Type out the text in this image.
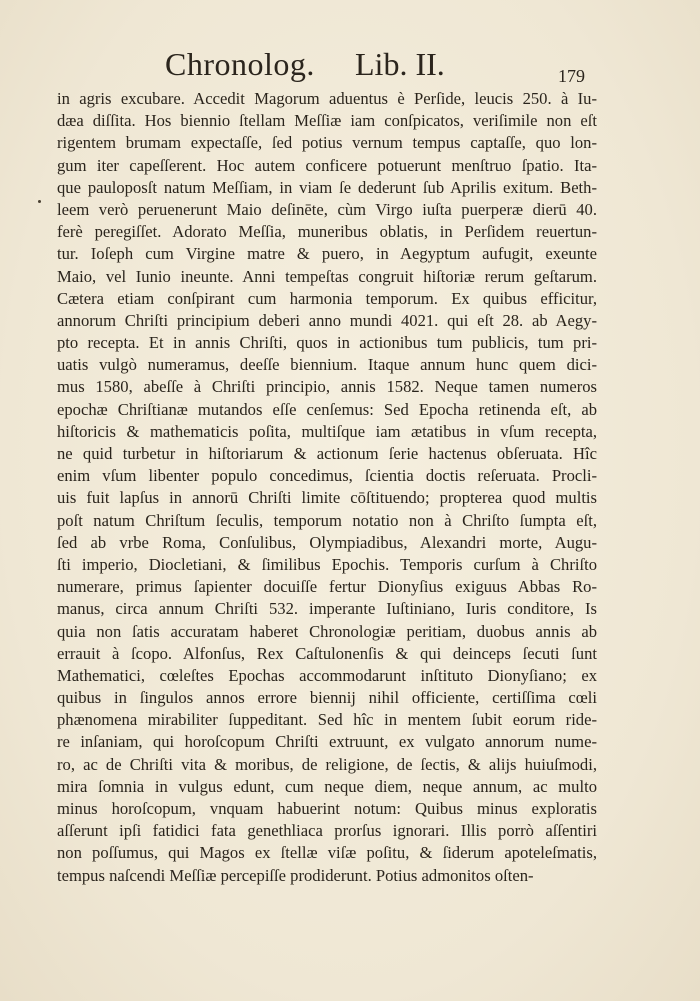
Chronolog. Lib. II.	179
in agris excubare. Accedit Magorum aduentus è Perſide, leucis 250. à Iu-
dæa diſſita. Hos biennio ſtellam Meſſiæ iam conſpicatos, veriſimile non eſt
rigentem brumam expectaſſe, ſed potius vernum tempus captaſſe, quo lon-
gum iter capeſſerent. Hoc autem conficere potuerunt menſtruo ſpatio. Ita-
que pauloposſt natum Meſſiam, in viam ſe dederunt ſub Aprilis exitum. Beth-
leem verò peruenerunt Maio deſinēte, cùm Virgo iuſta puerperæ dierū 40.
ferè peregiſſet. Adorato Meſſia, muneribus oblatis, in Perſidem reuertun-
tur. Ioſeph cum Virgine matre & puero, in Aegyptum aufugit, exeunte
Maio, vel Iunio ineunte. Anni tempeſtas congruit hiſtoriæ rerum geſtarum.
Cætera etiam conſpirant cum harmonia temporum. Ex quibus efficitur,
annorum Chriſti principium deberi anno mundi 4021. qui eſt 28. ab Aegy-
pto recepta. Et in annis Chriſti, quos in actionibus tum publicis, tum pri-
uatis vulgò numeramus, deeſſe biennium. Itaque annum hunc quem dici-
mus 1580, abeſſe à Chriſti principio, annis 1582. Neque tamen numeros
epochæ Chriſtianæ mutandos eſſe cenſemus: Sed Epocha retinenda eſt, ab
hiſtoricis & mathematicis poſita, multiſque iam ætatibus in vſum recepta,
ne quid turbetur in hiſtoriarum & actionum ſerie hactenus obſeruata. Hîc
enim vſum libenter populo concedimus, ſcientia doctis reſeruata. Procli-
uis fuit lapſus in annorū Chriſti limite cōſtituendo; propterea quod multis
poſt natum Chriſtum ſeculis, temporum notatio non à Chriſto ſumpta eſt,
ſed ab vrbe Roma, Conſulibus, Olympiadibus, Alexandri morte, Augu-
ſti imperio, Diocletiani, & ſimilibus Epochis. Temporis curſum à Chriſto
numerare, primus ſapienter docuiſſe fertur Dionyſius exiguus Abbas Ro-
manus, circa annum Chriſti 532. imperante Iuſtiniano, Iuris conditore, Is
quia non ſatis accuratam haberet Chronologiæ peritiam, duobus annis ab
errauit à ſcopo. Alfonſus, Rex Caſtulonenſis & qui deinceps ſecuti ſunt
Mathematici, cœleſtes Epochas accommodarunt inſtituto Dionyſiano; ex
quibus in ſingulos annos errore biennij nihil officiente, certiſſima cœli
phænomena mirabiliter ſuppeditant. Sed hîc in mentem ſubit eorum ride-
re inſaniam, qui horoſcopum Chriſti extruunt, ex vulgato annorum nume-
ro, ac de Chriſti vita & moribus, de religione, de ſectis, & alijs huiuſmodi,
mira ſomnia in vulgus edunt, cum neque diem, neque annum, ac multo
minus horoſcopum, vnquam habuerint notum: Quibus minus exploratis
aſſerunt ipſi fatidici fata genethliaca prorſus ignorari. Illis porrò aſſentiri
non poſſumus, qui Magos ex ſtellæ viſæ poſitu, & ſiderum apoteleſmatis,
tempus naſcendi Meſſiæ percepiſſe prodiderunt. Potius admonitos oſten-
